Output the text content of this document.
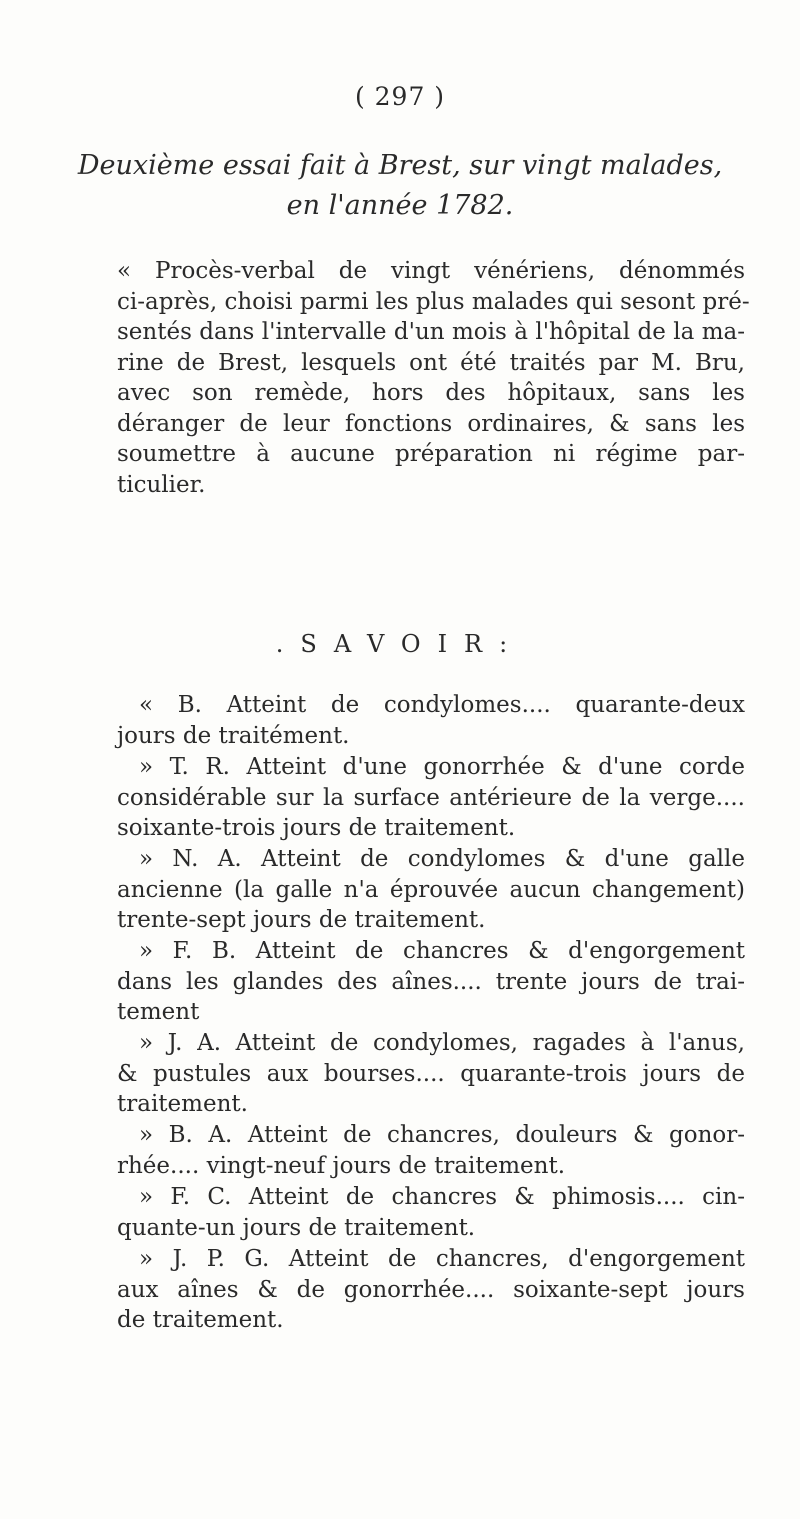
( 297 )
Deuxième essai fait à Brest, sur vingt malades,
en l'année 1782.
« Procès-verbal de vingt vénériens, dénommés
ci-après, choisi parmi les plus malades qui sesont pré-
sentés dans l'intervalle d'un mois à l'hôpital de la ma-
rine de Brest, lesquels ont été traités par M. Bru,
avec son remède, hors des hôpitaux, sans les
déranger de leur fonctions ordinaires, & sans les
soumettre à aucune préparation ni régime par-
ticulier.
.SAVOIR:
« B. Atteint de condylomes.... quarante-deux
jours de traitément.
» T. R. Atteint d'une gonorrhée & d'une corde
considérable sur la surface antérieure de la verge....
soixante-trois jours de traitement.
» N. A. Atteint de condylomes & d'une galle
ancienne (la galle n'a éprouvée aucun changement)
trente-sept jours de traitement.
» F. B. Atteint de chancres & d'engorgement
dans les glandes des aînes.... trente jours de trai-
tement
» J. A. Atteint de condylomes, ragades à l'anus,
& pustules aux bourses.... quarante-trois jours de
traitement.
» B. A. Atteint de chancres, douleurs & gonor-
rhée.... vingt-neuf jours de traitement.
» F. C. Atteint de chancres & phimosis.... cin-
quante-un jours de traitement.
» J. P. G. Atteint de chancres, d'engorgement
aux aînes & de gonorrhée.... soixante-sept jours
de traitement.
